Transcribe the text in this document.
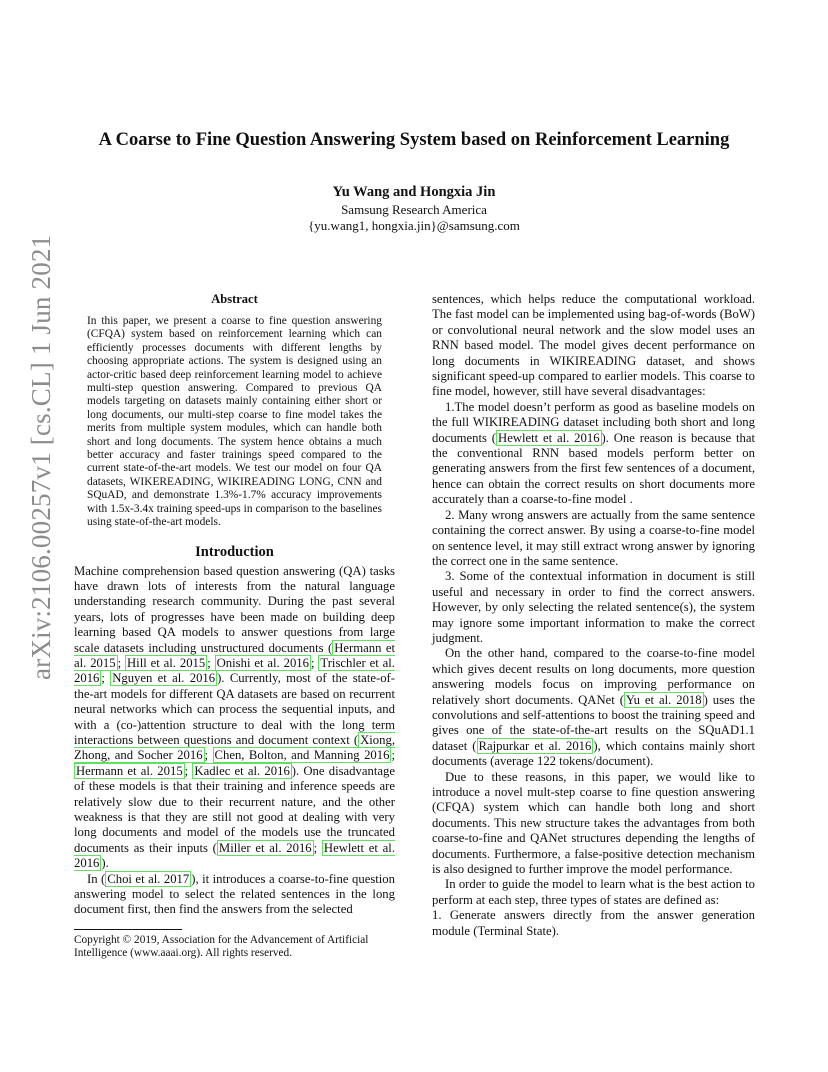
arXiv:2106.00257v1 [cs.CL] 1 Jun 2021
A Coarse to Fine Question Answering System based on Reinforcement Learning
Yu Wang and Hongxia Jin
Samsung Research America
{yu.wang1, hongxia.jin}@samsung.com
Abstract
In this paper, we present a coarse to fine question answering (CFQA) system based on reinforcement learning which can efficiently processes documents with different lengths by choosing appropriate actions. The system is designed using an actor-critic based deep reinforcement learning model to achieve multi-step question answering. Compared to previous QA models targeting on datasets mainly containing either short or long documents, our multi-step coarse to fine model takes the merits from multiple system modules, which can handle both short and long documents. The system hence obtains a much better accuracy and faster trainings speed compared to the current state-of-the-art models. We test our model on four QA datasets, WIKEREADING, WIKIREADING LONG, CNN and SQuAD, and demonstrate 1.3%-1.7% accuracy improvements with 1.5x-3.4x training speed-ups in comparison to the baselines using state-of-the-art models.
Introduction

Machine comprehension based question answering (QA) tasks have drawn lots of interests from the natural language understanding research community. During the past several years, lots of progresses have been made on building deep learning based QA models to answer questions from large scale datasets including unstructured documents ( Hermann et al. 2015 ; Hill et al. 2015 ; Onishi et al. 2016 ; Trischler et al. 2016 ; Nguyen et al. 2016 ). Currently, most of the state-of-the-art models for different QA datasets are based on recurrent neural networks which can process the sequential inputs, and with a (co-)attention structure to deal with the long term interactions between questions and document context ( Xiong, Zhong, and Socher 2016 ; Chen, Bolton, and Manning 2016 ; Hermann et al. 2015 ; Kadlec et al. 2016 ). One disadvantage of these models is that their training and inference speeds are relatively slow due to their recurrent nature, and the other weakness is that they are still not good at dealing with very long documents and model of the models use the truncated documents as their inputs ( Miller et al. 2016 ; Hewlett et al. 2016 ).

In ( Choi et al. 2017 ), it introduces a coarse-to-fine question answering model to select the related sentences in the long document first, then find the answers from the selected

Copyright © 2019, Association for the Advancement of Artificial Intelligence (www.aaai.org). All rights reserved.

sentences, which helps reduce the computational workload. The fast model can be implemented using bag-of-words (BoW) or convolutional neural network and the slow model uses an RNN based model. The model gives decent performance on long documents in WIKIREADING dataset, and shows significant speed-up compared to earlier models. This coarse to fine model, however, still have several disadvantages:

1.The model doesn’t perform as good as baseline models on the full WIKIREADING dataset including both short and long documents ( Hewlett et al. 2016 ). One reason is because that the conventional RNN based models perform better on generating answers from the first few sentences of a document, hence can obtain the correct results on short documents more accurately than a coarse-to-fine model .

2. Many wrong answers are actually from the same sentence containing the correct answer. By using a coarse-to-fine model on sentence level, it may still extract wrong answer by ignoring the correct one in the same sentence.

3. Some of the contextual information in document is still useful and necessary in order to find the correct answers. However, by only selecting the related sentence(s), the system may ignore some important information to make the correct judgment.

On the other hand, compared to the coarse-to-fine model which gives decent results on long documents, more question answering models focus on improving performance on relatively short documents. QANet ( Yu et al. 2018 ) uses the convolutions and self-attentions to boost the training speed and gives one of the state-of-the-art results on the SQuAD1.1 dataset ( Rajpurkar et al. 2016 ), which contains mainly short documents (average 122 tokens/document).

Due to these reasons, in this paper, we would like to introduce a novel mult-step coarse to fine question answering (CFQA) system which can handle both long and short documents. This new structure takes the advantages from both coarse-to-fine and QANet structures depending the lengths of documents. Furthermore, a false-positive detection mechanism is also designed to further improve the model performance.

In order to guide the model to learn what is the best action to perform at each step, three types of states are defined as:

1. Generate answers directly from the answer generation module (Terminal State).
